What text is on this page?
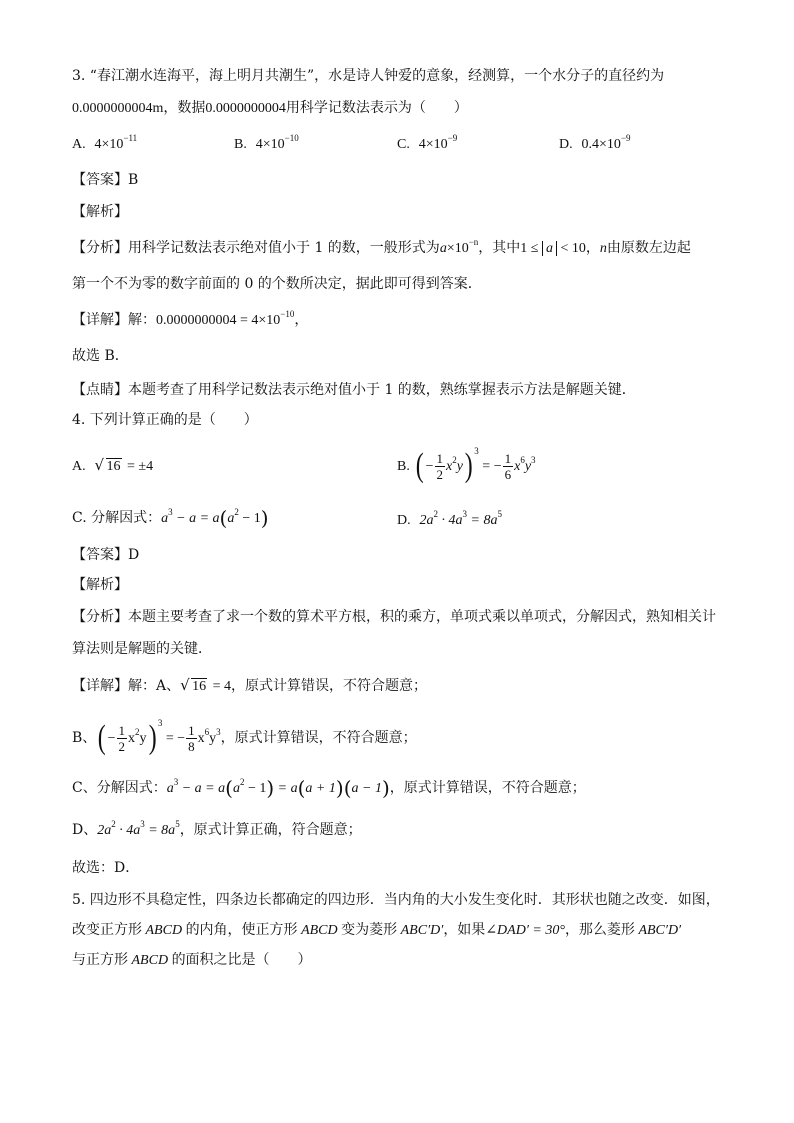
3. “春江潮水连海平，海上明月共潮生”，水是诗人钟爱的意象，经测算，一个水分子的直径约为
0.0000000004m，数据0.0000000004用科学记数法表示为（　　）
A. $4\times 10^{-11}$	B. $4\times 10^{-10}$	C. $4\times 10^{-9}$	D. $0.4\times 10^{-9}$
【答案】B
【解析】
【分析】用科学记数法表示绝对值小于 1 的数，一般形式为$a\times 10^{-n}$，其中1 ≤ a < 10，n由原数左边起
第一个不为零的数字前面的 0 的个数所决定，据此即可得到答案．
【详解】解：$0.0000000004 = 4\times 10^{-10}$，
故选 B．
【点睛】本题考查了用科学记数法表示绝对值小于 1 的数，熟练掌握表示方法是解题关键．
4. 下列计算正确的是（　　）
A. √ 16 = ±4	B. ( − $\frac{1}{2} x^2y$) $^3$ = − $\frac{1}{6} x^6y^3$
C. 分解因式：$a^3 - a = a(a^2 - 1)$	D. $2a^2 \cdot 4a^3 = 8a^5$
【答案】D
【解析】
【分析】本题主要考查了求一个数的算术平方根，积的乘方，单项式乘以单项式，分解因式，熟知相关计
算法则是解题的关键．
【详解】解：A、 √ 16 = 4，原式计算错误，不符合题意；
B、( − $\frac{1}{2} x^2y$) $^3$ = − $\frac{1}{8} x^6y^3$，原式计算错误，不符合题意；
C、分解因式：$a^3 - a = a(a^2 - 1) = a(a + 1)(a - 1)$，原式计算错误，不符合题意；
D、$2a^2 \cdot 4a^3 = 8a^5$，原式计算正确，符合题意；
故选：D．
5. 四边形不具稳定性，四条边长都确定的四边形．当内角的大小发生变化时．其形状也随之改变．如图，
改变正方形 ABCD 的内角，使正方形 ABCD 变为菱形 ABC′D′，如果∠DAD′ = 30°，那么菱形 ABC′D′
与正方形 ABCD 的面积之比是（　　）
